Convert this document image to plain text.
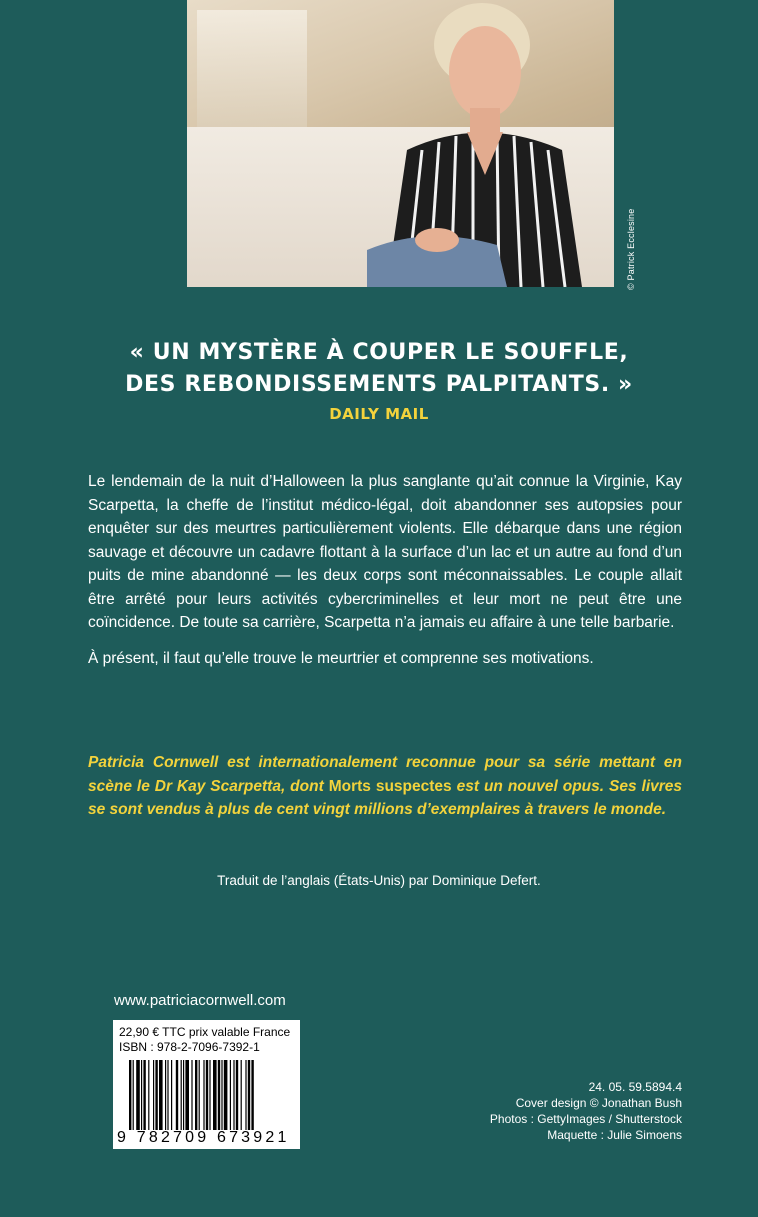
© Patrick Ecclesine
« UN MYSTÈRE À COUPER LE SOUFFLE,
DES REBONDISSEMENTS PALPITANTS. »
DAILY MAIL

Le lendemain de la nuit d’Halloween la plus sanglante qu’ait connue la Virginie, Kay Scarpetta, la cheffe de l’institut médico-légal, doit abandonner ses autopsies pour enquêter sur des meurtres particulièrement violents. Elle débarque dans une région sauvage et découvre un cadavre flottant à la surface d’un lac et un autre au fond d’un puits de mine abandonné — les deux corps sont méconnaissables. Le couple allait être arrêté pour leurs activités cybercriminelles et leur mort ne peut être une coïncidence. De toute sa carrière, Scarpetta n’a jamais eu affaire à une telle barbarie.

À présent, il faut qu’elle trouve le meurtrier et comprenne ses motivations.

Patricia Cornwell est internationalement reconnue pour sa série mettant en scène le Dr Kay Scarpetta, dont Morts suspectes est un nouvel opus. Ses livres se sont vendus à plus de cent vingt millions d’exemplaires à travers le monde.
Traduit de l’anglais (États-Unis) par Dominique Defert.
www.patriciacornwell.com
22,90 € TTC prix valable France
ISBN : 978-2-7096-7392-1
9 782709 673921
24. 05. 59.5894.4
Cover design © Jonathan Bush
Photos : GettyImages / Shutterstock
Maquette : Julie Simoens
